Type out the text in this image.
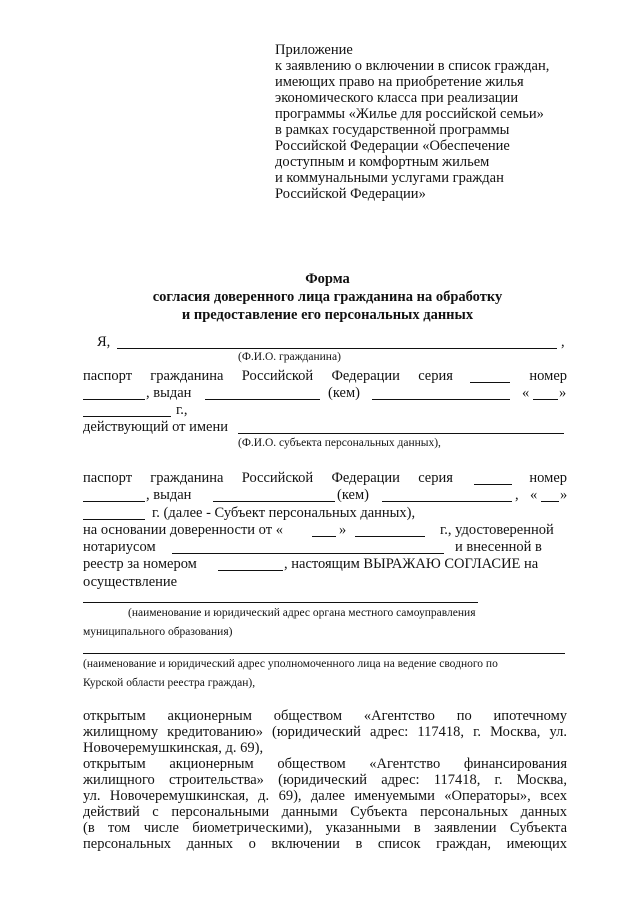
Приложение
к заявлению о включении в список граждан,
имеющих право на приобретение жилья
экономического класса при реализации
программы «Жилье для российской семьи»
в рамках государственной программы
Российской Федерации «Обеспечение
доступным и комфортным жильем
и коммунальными услугами граждан
Российской Федерации»
Форма
согласия доверенного лица гражданина на обработку
и предоставление его персональных данных
Я,	,
(Ф.И.О. гражданина)
паспорт гражданина Российской Федерации серия	номер
, выдан	(кем)	« »
г.,
действующий от имени
(Ф.И.О. субъекта персональных данных),
паспорт гражданина Российской Федерации серия	номер
, выдан	(кем)	, « »
г. (далее - Субъект персональных данных),
на основании доверенности от «	»	г., удостоверенной
нотариусом	и внесенной в
реестр за номером	, настоящим ВЫРАЖАЮ СОГЛАСИЕ на
осуществление
(наименование и юридический адрес органа местного самоуправления
муниципального образования)
(наименование и юридический адрес уполномоченного лица на ведение сводного по
Курской области реестра граждан),
открытым акционерным обществом «Агентство по ипотечному
жилищному кредитованию» (юридический адрес: 117418, г. Москва, ул.
Новочеремушкинская, д. 69),
открытым акционерным обществом «Агентство финансирования
жилищного строительства» (юридический адрес: 117418, г. Москва,
ул. Новочеремушкинская, д. 69), далее именуемыми «Операторы», всех
действий с персональными данными Субъекта персональных данных
(в том числе биометрическими), указанными в заявлении Субъекта
персональных данных о включении в список граждан, имеющих
